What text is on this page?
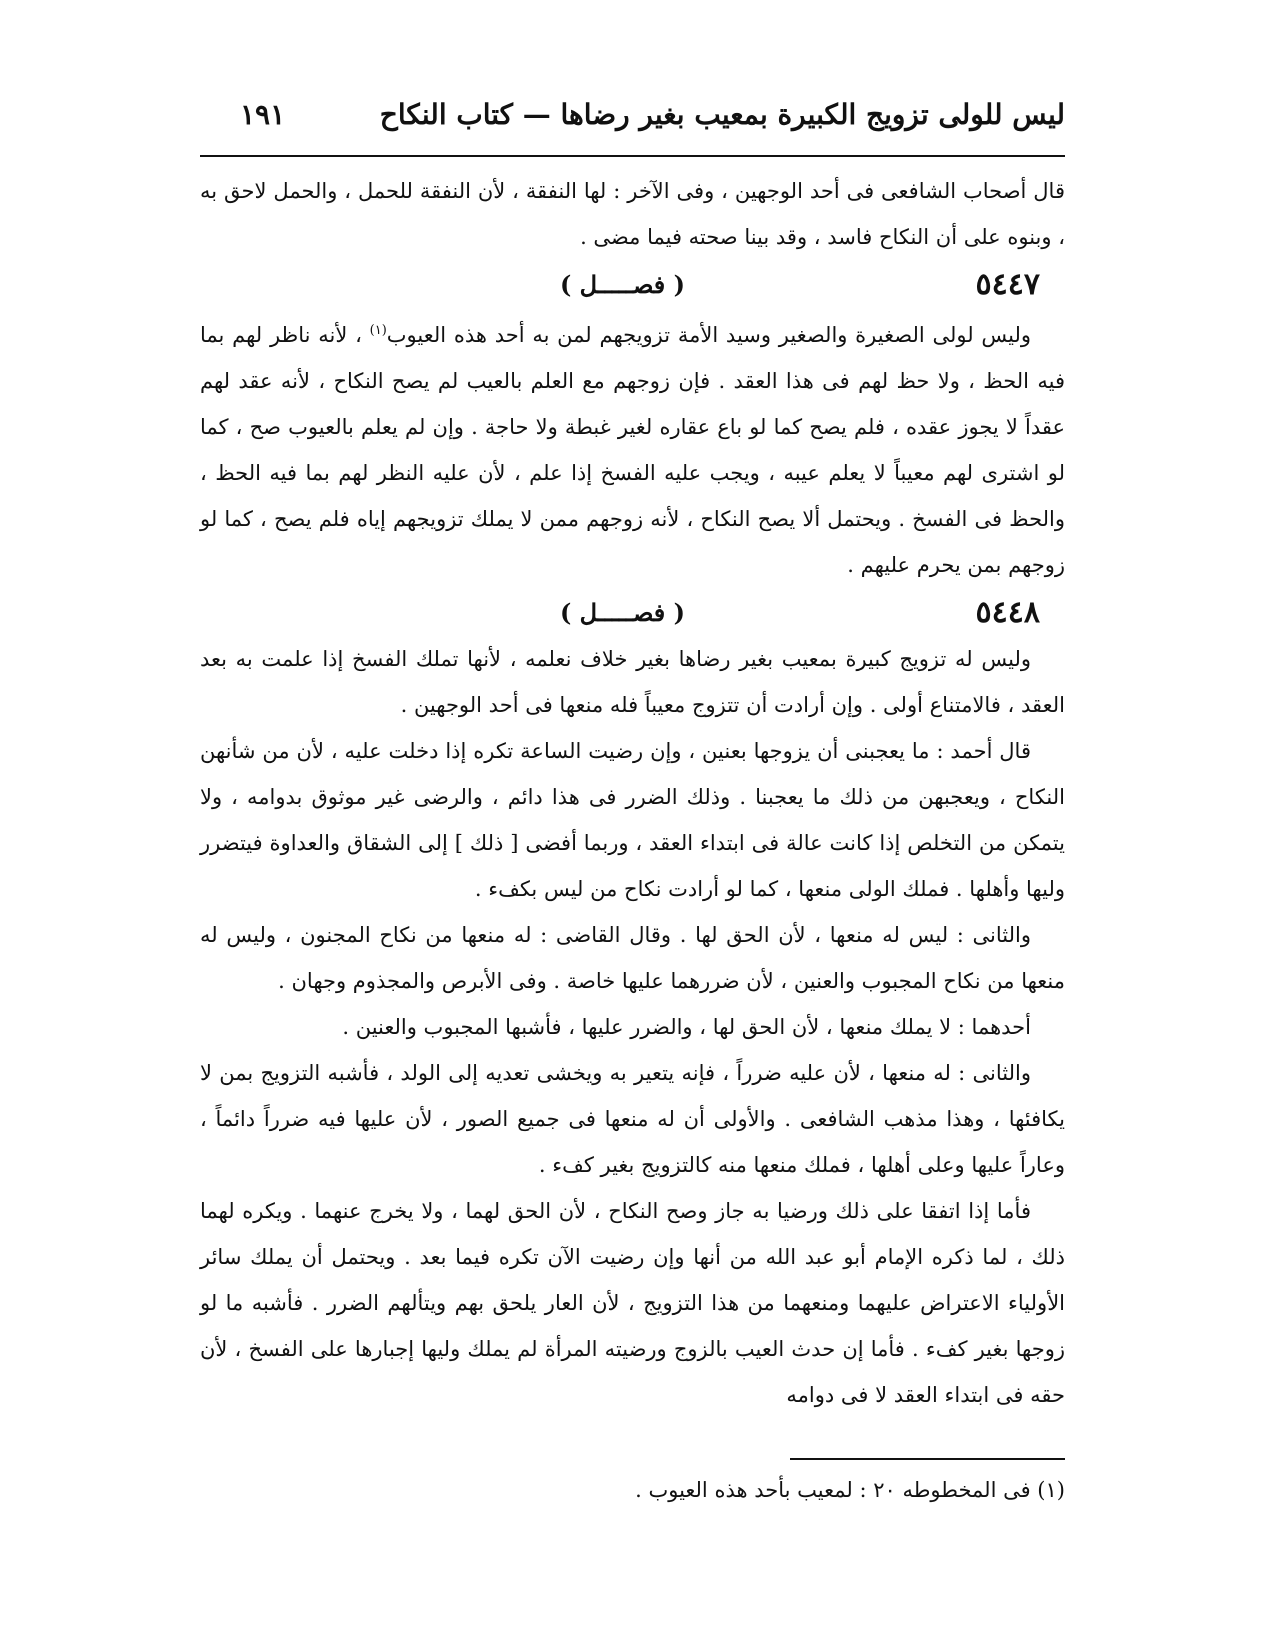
ليس للولى تزويج الكبيرة بمعيب بغير رضاها — كتاب النكاح
١٩١

قال أصحاب الشافعى فى أحد الوجهين ، وفى الآخر : لها النفقة ، لأن النفقة للحمل ، والحمل لاحق به ، وبنوه على أن النكاح فاسد ، وقد بينا صحته فيما مضى .

٥٤٤٧
( فصـــــل )

وليس لولى الصغيرة والصغير وسيد الأمة تزويجهم لمن به أحد هذه العيوب$^{(١)}$ ، لأنه ناظر لهم بما فيه الحظ ، ولا حظ لهم فى هذا العقد . فإن زوجهم مع العلم بالعيب لم يصح النكاح ، لأنه عقد لهم عقداً لا يجوز عقده ، فلم يصح كما لو باع عقاره لغير غبطة ولا حاجة . وإن لم يعلم بالعيوب صح ، كما لو اشترى لهم معيباً لا يعلم عيبه ، ويجب عليه الفسخ إذا علم ، لأن عليه النظر لهم بما فيه الحظ ، والحظ فى الفسخ . ويحتمل ألا يصح النكاح ، لأنه زوجهم ممن لا يملك تزويجهم إياه فلم يصح ، كما لو زوجهم بمن يحرم عليهم .

٥٤٤٨
( فصـــــل )

وليس له تزويج كبيرة بمعيب بغير رضاها بغير خلاف نعلمه ، لأنها تملك الفسخ إذا علمت به بعد العقد ، فالامتناع أولى . وإن أرادت أن تتزوج معيباً فله منعها فى أحد الوجهين .

قال أحمد : ما يعجبنى أن يزوجها بعنين ، وإن رضيت الساعة تكره إذا دخلت عليه ، لأن من شأنهن النكاح ، ويعجبهن من ذلك ما يعجبنا . وذلك الضرر فى هذا دائم ، والرضى غير موثوق بدوامه ، ولا يتمكن من التخلص إذا كانت عالة فى ابتداء العقد ، وربما أفضى [ ذلك ] إلى الشقاق والعداوة فيتضرر وليها وأهلها . فملك الولى منعها ، كما لو أرادت نكاح من ليس بكفء .

والثانى : ليس له منعها ، لأن الحق لها . وقال القاضى : له منعها من نكاح المجنون ، وليس له منعها من نكاح المجبوب والعنين ، لأن ضررهما عليها خاصة . وفى الأبرص والمجذوم وجهان .

أحدهما : لا يملك منعها ، لأن الحق لها ، والضرر عليها ، فأشبها المجبوب والعنين .

والثانى : له منعها ، لأن عليه ضرراً ، فإنه يتعير به ويخشى تعديه إلى الولد ، فأشبه التزويج بمن لا يكافئها ، وهذا مذهب الشافعى . والأولى أن له منعها فى جميع الصور ، لأن عليها فيه ضرراً دائماً ، وعاراً عليها وعلى أهلها ، فملك منعها منه كالتزويج بغير كفء .

فأما إذا اتفقا على ذلك ورضيا به جاز وصح النكاح ، لأن الحق لهما ، ولا يخرج عنهما . ويكره لهما ذلك ، لما ذكره الإمام أبو عبد الله من أنها وإن رضيت الآن تكره فيما بعد . ويحتمل أن يملك سائر الأولياء الاعتراض عليهما ومنعهما من هذا التزويج ، لأن العار يلحق بهم ويتألهم الضرر . فأشبه ما لو زوجها بغير كفء . فأما إن حدث العيب بالزوج ورضيته المرأة لم يملك وليها إجبارها على الفسخ ، لأن حقه فى ابتداء العقد لا فى دوامه

(١) فى المخطوطه ٢٠ : لمعيب بأحد هذه العيوب .
